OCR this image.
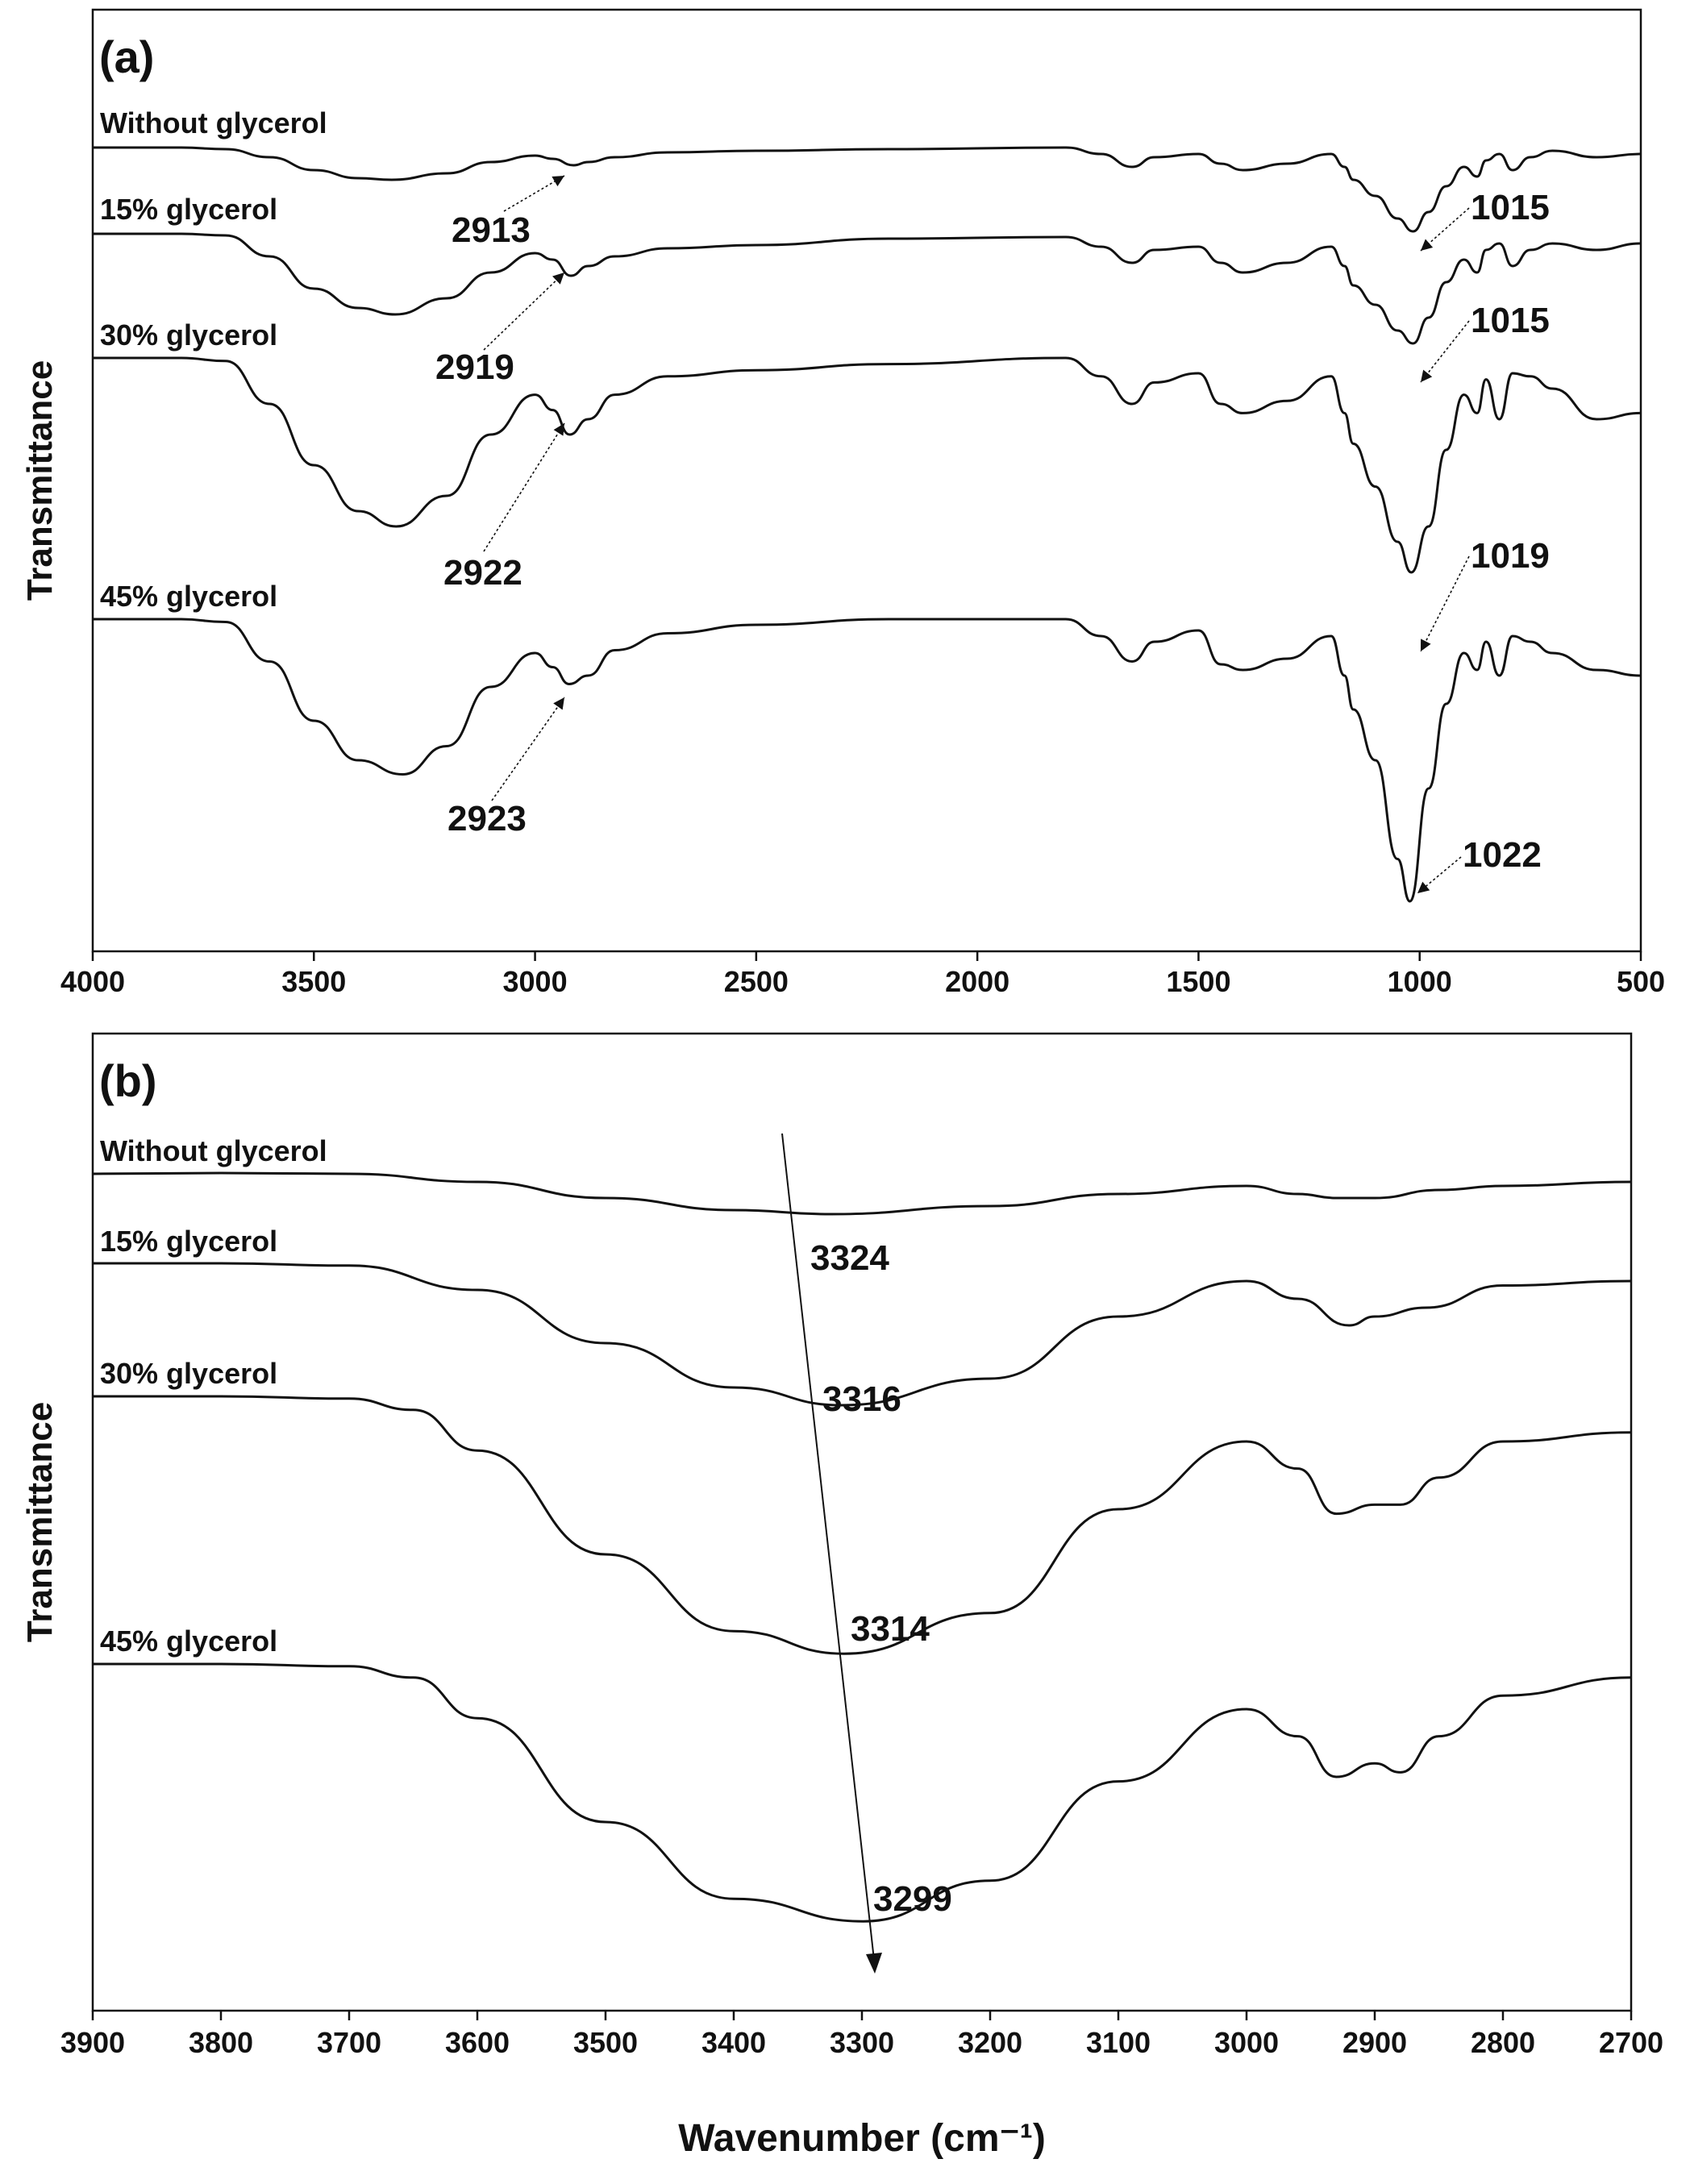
(a)
Transmittance
4000	3500	3000	2500	2000	1500	1000	500
Without glycerol
15% glycerol
30% glycerol
45% glycerol
2913
2919
2922
2923
1015
1015
1019
1022
(b)
Transmittance
Wavenumber (cm⁻¹)
3900 3800 3700 3600 3500 3400 3300 3200 3100 3000 2900 2800 2700
Without glycerol
15% glycerol
30% glycerol
45% glycerol
3324
3316
3314
3299
